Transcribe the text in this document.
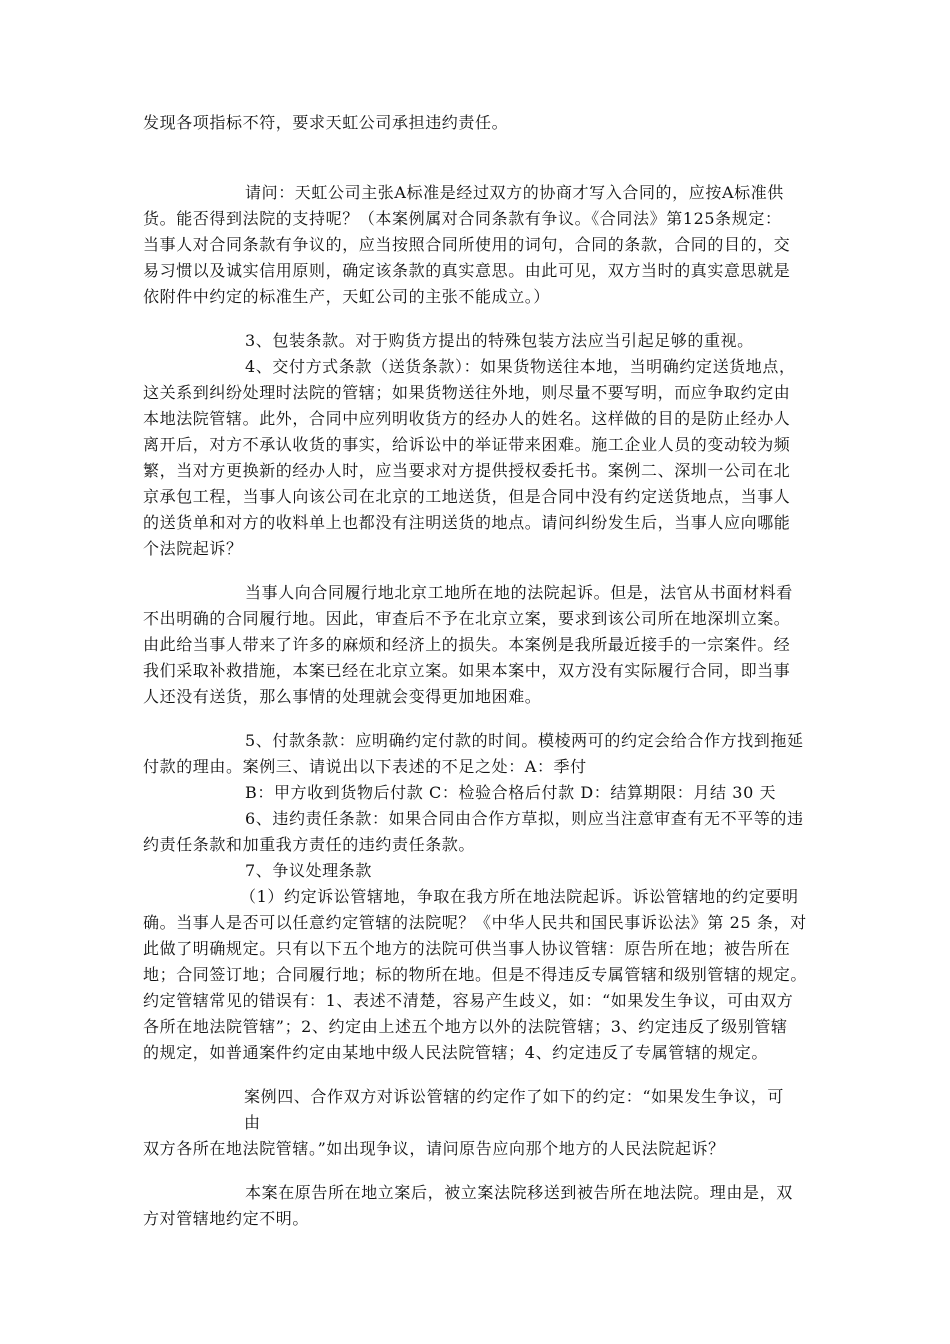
发现各项指标不符，要求天虹公司承担违约责任。
请问：天虹公司主张A标准是经过双方的协商才写入合同的，应按A标准供
货。能否得到法院的支持呢？（本案例属对合同条款有争议。《合同法》第125条规定：
当事人对合同条款有争议的，应当按照合同所使用的词句，合同的条款，合同的目的，交
易习惯以及诚实信用原则，确定该条款的真实意思。由此可见，双方当时的真实意思就是
依附件中约定的标准生产，天虹公司的主张不能成立。）
3、包装条款。对于购货方提出的特殊包装方法应当引起足够的重视。
4、交付方式条款（送货条款）：如果货物送往本地，当明确约定送货地点，
这关系到纠纷处理时法院的管辖；如果货物送往外地，则尽量不要写明，而应争取约定由
本地法院管辖。此外，合同中应列明收货方的经办人的姓名。这样做的目的是防止经办人
离开后，对方不承认收货的事实，给诉讼中的举证带来困难。施工企业人员的变动较为频
繁，当对方更换新的经办人时，应当要求对方提供授权委托书。案例二、深圳一公司在北
京承包工程，当事人向该公司在北京的工地送货，但是合同中没有约定送货地点，当事人
的送货单和对方的收料单上也都没有注明送货的地点。请问纠纷发生后，当事人应向哪能
个法院起诉？
当事人向合同履行地北京工地所在地的法院起诉。但是，法官从书面材料看
不出明确的合同履行地。因此，审查后不予在北京立案，要求到该公司所在地深圳立案。
由此给当事人带来了许多的麻烦和经济上的损失。本案例是我所最近接手的一宗案件。经
我们采取补救措施，本案已经在北京立案。如果本案中，双方没有实际履行合同，即当事
人还没有送货，那么事情的处理就会变得更加地困难。
5、付款条款：应明确约定付款的时间。模棱两可的约定会给合作方找到拖延
付款的理由。案例三、请说出以下表述的不足之处：A：季付
B：甲方收到货物后付款 C：检验合格后付款 D：结算期限：月结 30 天
6、违约责任条款：如果合同由合作方草拟，则应当注意审查有无不平等的违
约责任条款和加重我方责任的违约责任条款。
7、争议处理条款
（1）约定诉讼管辖地，争取在我方所在地法院起诉。诉讼管辖地的约定要明
确。当事人是否可以任意约定管辖的法院呢？《中华人民共和国民事诉讼法》第 25 条，对
此做了明确规定。只有以下五个地方的法院可供当事人协议管辖：原告所在地；被告所在
地；合同签订地；合同履行地；标的物所在地。但是不得违反专属管辖和级别管辖的规定。
约定管辖常见的错误有：1、表述不清楚，容易产生歧义，如：“如果发生争议，可由双方
各所在地法院管辖”；2、约定由上述五个地方以外的法院管辖；3、约定违反了级别管辖
的规定，如普通案件约定由某地中级人民法院管辖；4、约定违反了专属管辖的规定。
案例四、合作双方对诉讼管辖的约定作了如下的约定：“如果发生争议，可
由
双方各所在地法院管辖。”如出现争议，请问原告应向那个地方的人民法院起诉？
本案在原告所在地立案后，被立案法院移送到被告所在地法院。理由是，双
方对管辖地约定不明。
